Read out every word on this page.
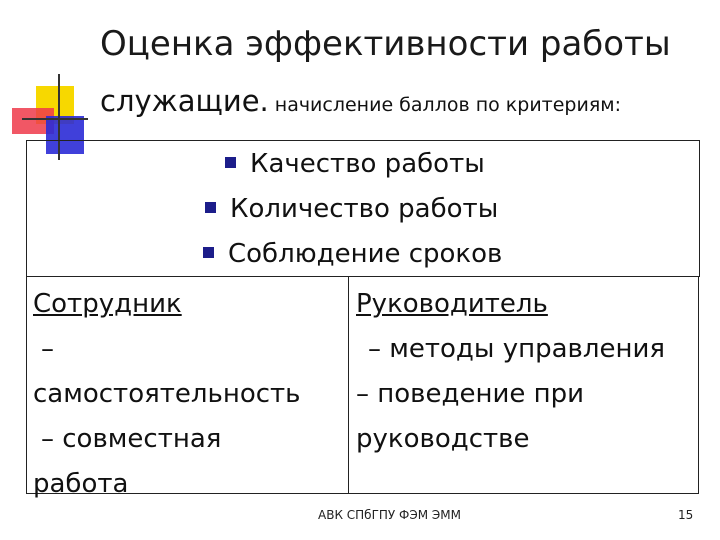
Оценка эффективности работы
служащие. начисление баллов по критериям:
Качество работы
Количество работы
Соблюдение сроков
Сотрудник
–
самостоятельность
– совместная
работа
Руководитель
– методы управления
– поведение при
руководстве
АВК СПбГПУ ФЭМ ЭММ	15
